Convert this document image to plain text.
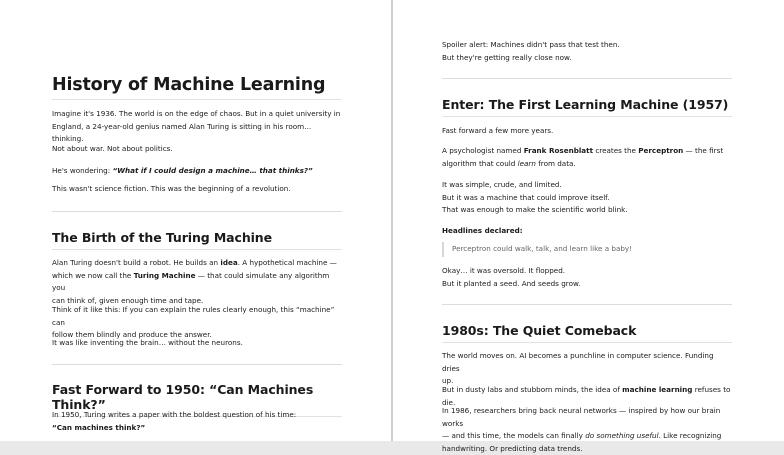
History of Machine Learning

Imagine it's 1936. The world is on the edge of chaos. But in a quiet university in
England, a 24-year-old genius named Alan Turing is sitting in his room… thinking.

Not about war. Not about politics.

He's wondering: “What if I could design a machine… that thinks?”

This wasn't science fiction. This was the beginning of a revolution.

The Birth of the Turing Machine

Alan Turing doesn't build a robot. He builds an idea. A hypothetical machine —
which we now call the Turing Machine — that could simulate any algorithm you
can think of, given enough time and tape.

Think of it like this: If you can explain the rules clearly enough, this “machine” can
follow them blindly and produce the answer.

It was like inventing the brain… without the neurons.

Fast Forward to 1950: “Can Machines Think?”

In 1950, Turing writes a paper with the boldest question of his time:
“Can machines think?”

Spoiler alert: Machines didn't pass that test then.
But they're getting really close now.

Enter: The First Learning Machine (1957)

Fast forward a few more years.

A psychologist named Frank Rosenblatt creates the Perceptron — the first
algorithm that could learn from data.

It was simple, crude, and limited.
But it was a machine that could improve itself.
That was enough to make the scientific world blink.

Headlines declared:

Perceptron could walk, talk, and learn like a baby!

Okay… it was oversold. It flopped.
But it planted a seed. And seeds grow.

1980s: The Quiet Comeback

The world moves on. AI becomes a punchline in computer science. Funding dries
up.

But in dusty labs and stubborn minds, the idea of machine learning refuses to die.

In 1986, researchers bring back neural networks — inspired by how our brain works
— and this time, the models can finally do something useful. Like recognizing
handwriting. Or predicting data trends.
